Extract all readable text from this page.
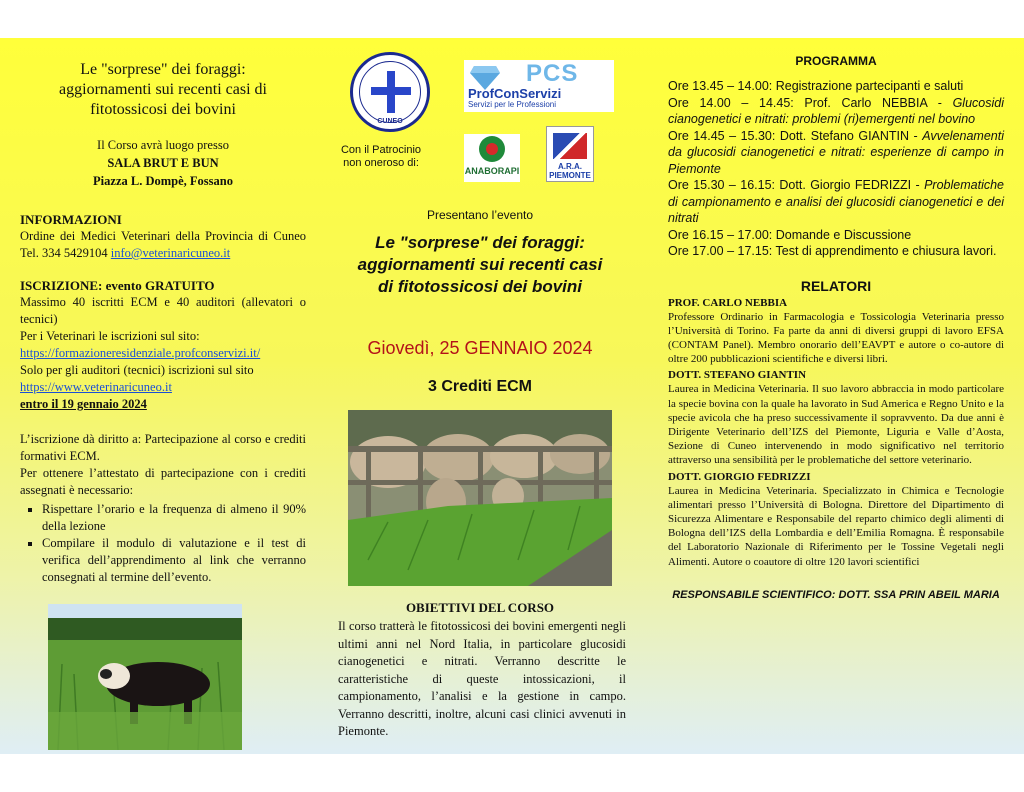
Le "sorprese" dei foraggi:
aggiornamenti sui recenti casi di
fitotossicosi dei bovini
Il Corso avrà luogo presso
SALA BRUT E BUN
Piazza L. Dompè, Fossano
INFORMAZIONI
Ordine dei Medici Veterinari della Provincia di Cuneo Tel. 334 5429104 info@veterinaricuneo.it
ISCRIZIONE: evento GRATUITO
Massimo 40 iscritti ECM e 40 auditori (allevatori o tecnici)
Per i Veterinari le iscrizioni sul sito:
https://formazioneresidenziale.profconservizi.it/
Solo per gli auditori (tecnici) iscrizioni sul sito
https://www.veterinaricuneo.it
entro il 19 gennaio 2024
L’iscrizione dà diritto a: Partecipazione al corso e crediti formativi ECM.
Per ottenere l’attestato di partecipazione con i crediti assegnati è necessario:
▪ Rispettare l’orario e la frequenza di almeno il 90% della lezione
▪ Compilare il modulo di valutazione e il test di verifica dell’apprendimento al link che verranno consegnati al termine dell’evento.
CUNEO
PCS
ProfConServizi
Servizi per le Professioni
Con il Patrocinio
non oneroso di:
ANABORAPI	A.R.A.
PIEMONTE
Presentano l’evento
Le "sorprese" dei foraggi:
aggiornamenti sui recenti casi
di fitotossicosi dei bovini
Giovedì, 25 GENNAIO 2024
3 Crediti ECM
OBIETTIVI DEL CORSO
Il corso tratterà le fitotossicosi dei bovini emergenti negli ultimi anni nel Nord Italia, in particolare glucosidi cianogenetici e nitrati. Verranno descritte le caratteristiche di queste intossicazioni, il campionamento, l’analisi e la gestione in campo. Verranno descritti, inoltre, alcuni casi clinici avvenuti in Piemonte.
PROGRAMMA
Ore 13.45 – 14.00: Registrazione partecipanti e saluti
Ore 14.00 – 14.45: Prof. Carlo NEBBIA - Glucosidi cianogenetici e nitrati: problemi (ri)emergenti nel bovino
Ore 14.45 – 15.30: Dott. Stefano GIANTIN - Avvelenamenti da glucosidi cianogenetici e nitrati: esperienze di campo in Piemonte
Ore 15.30 – 16.15: Dott. Giorgio FEDRIZZI - Problematiche di campionamento e analisi dei glucosidi cianogenetici e dei nitrati
Ore 16.15 – 17.00: Domande e Discussione
Ore 17.00 – 17.15: Test di apprendimento e chiusura lavori.
RELATORI
PROF. CARLO NEBBIA
Professore Ordinario in Farmacologia e Tossicologia Veterinaria presso l’Università di Torino. Fa parte da anni di diversi gruppi di lavoro EFSA (CONTAM Panel). Membro onorario dell’EAVPT e autore o co-autore di oltre 200 pubblicazioni scientifiche e diversi libri.
DOTT. STEFANO GIANTIN
Laurea in Medicina Veterinaria. Il suo lavoro abbraccia in modo particolare la specie bovina con la quale ha lavorato in Sud America e Regno Unito e la specie avicola che ha preso successivamente il sopravvento. Da due anni è Dirigente Veterinario dell’IZS del Piemonte, Liguria e Valle d’Aosta, Sezione di Cuneo intervenendo in modo significativo nel territorio attraverso una sensibilità per le problematiche del settore veterinario.
DOTT. GIORGIO FEDRIZZI
Laurea in Medicina Veterinaria. Specializzato in Chimica e Tecnologie alimentari presso l’Università di Bologna. Direttore del Dipartimento di Sicurezza Alimentare e Responsabile del reparto chimico degli alimenti di Bologna dell’IZS della Lombardia e dell’Emilia Romagna. È responsabile del Laboratorio Nazionale di Riferimento per le Tossine Vegetali negli Alimenti. Autore o coautore di oltre 120 lavori scientifici
RESPONSABILE SCIENTIFICO: DOTT. SSA PRIN ABEIL MARIA
